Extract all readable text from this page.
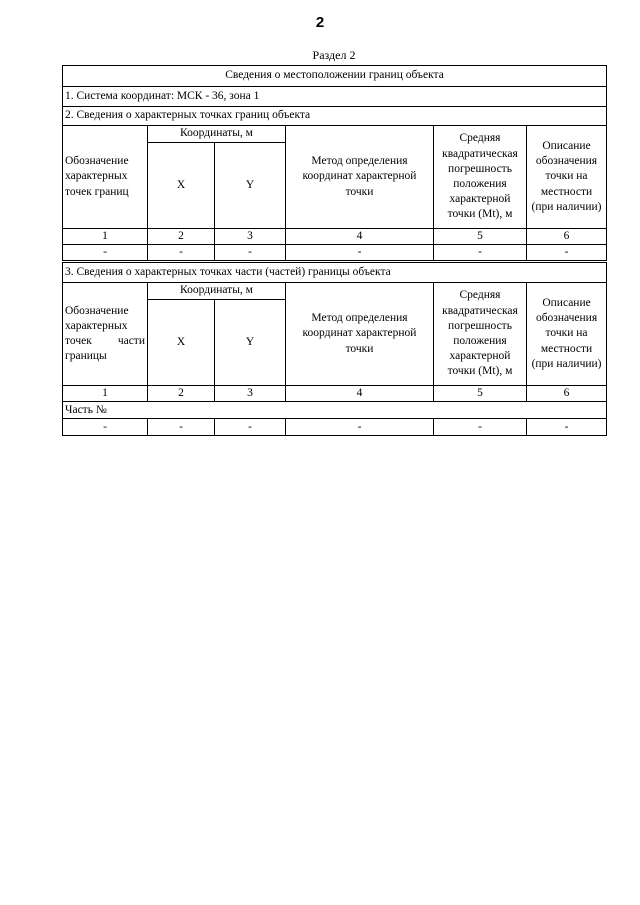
2
Раздел 2
Сведения о местоположении границ объекта					
1. Система координат: МСК - 36, зона 1					
2. Сведения о характерных точках границ объекта					
Обозначение характерных точек границ	Координаты, м		Метод определения координат характерной точки	Средняя квадратическая погрешность положения характерной точки (Mt), м	Описание обозначения точки на местности (при наличии)
	X	Y			
1	2	3	4	5	6
-	-	-	-	-	-
3. Сведения о характерных точках части (частей) границы объекта					

Обозначение
характерных
точек части
границы	Координаты, м		Метод определения координат характерной точки	Средняя квадратическая погрешность положения характерной точки (Mt), м	Описание обозначения точки на местности (при наличии)
	X	Y			
1	2	3	4	5	6
Часть №					
-	-	-	-	-	-
